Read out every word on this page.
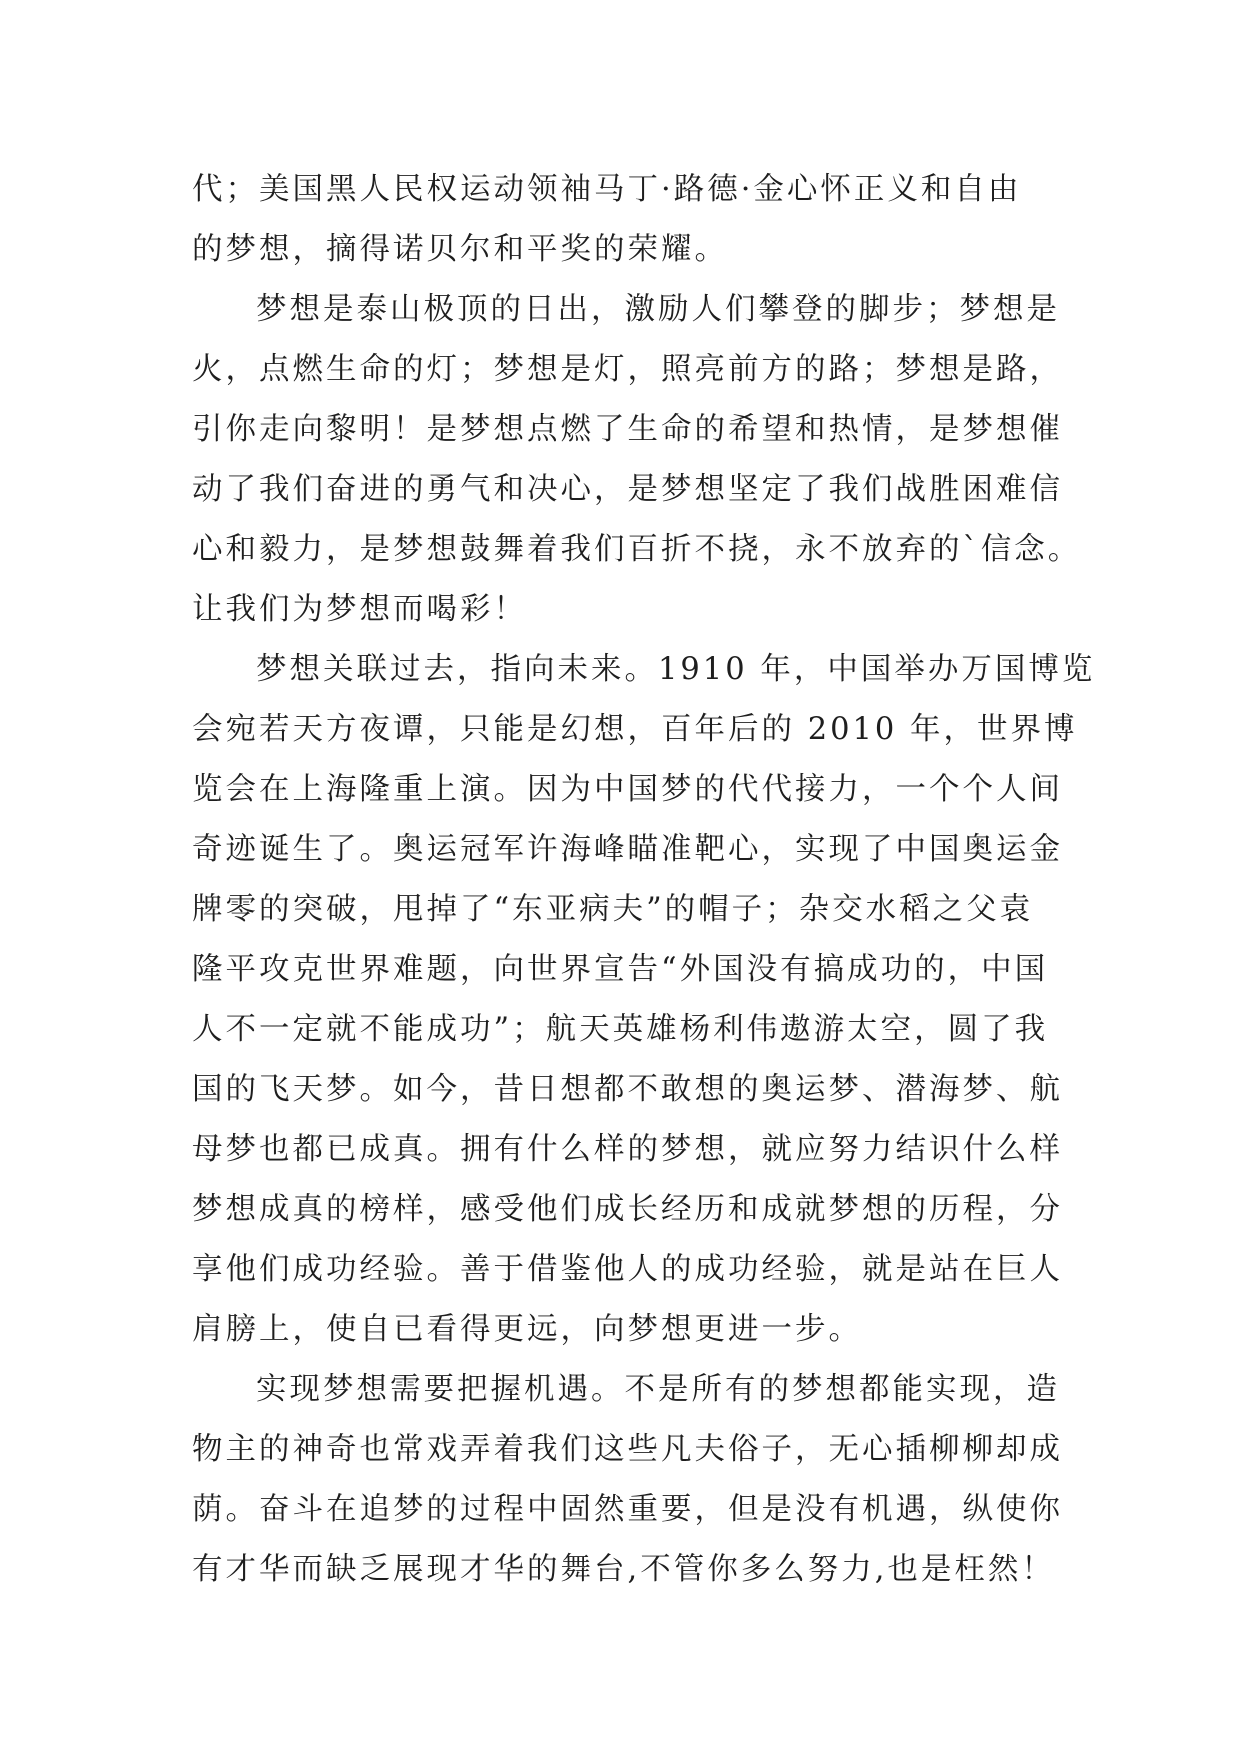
代；美国黑人民权运动领袖马丁·路德·金心怀正义和自由
的梦想，摘得诺贝尔和平奖的荣耀。
梦想是泰山极顶的日出，激励人们攀登的脚步；梦想是
火，点燃生命的灯；梦想是灯，照亮前方的路；梦想是路，
引你走向黎明！是梦想点燃了生命的希望和热情，是梦想催
动了我们奋进的勇气和决心，是梦想坚定了我们战胜困难信
心和毅力，是梦想鼓舞着我们百折不挠，永不放弃的`信念。
让我们为梦想而喝彩！
梦想关联过去，指向未来。1910 年，中国举办万国博览
会宛若天方夜谭，只能是幻想，百年后的 2010 年，世界博
览会在上海隆重上演。因为中国梦的代代接力，一个个人间
奇迹诞生了。奥运冠军许海峰瞄准靶心，实现了中国奥运金
牌零的突破，甩掉了“东亚病夫”的帽子；杂交水稻之父袁
隆平攻克世界难题，向世界宣告“外国没有搞成功的，中国
人不一定就不能成功”；航天英雄杨利伟遨游太空，圆了我
国的飞天梦。如今，昔日想都不敢想的奥运梦、潜海梦、航
母梦也都已成真。拥有什么样的梦想，就应努力结识什么样
梦想成真的榜样，感受他们成长经历和成就梦想的历程，分
享他们成功经验。善于借鉴他人的成功经验，就是站在巨人
肩膀上，使自已看得更远，向梦想更进一步。
实现梦想需要把握机遇。不是所有的梦想都能实现，造
物主的神奇也常戏弄着我们这些凡夫俗子，无心插柳柳却成
荫。奋斗在追梦的过程中固然重要，但是没有机遇，纵使你
有才华而缺乏展现才华的舞台,不管你多么努力,也是枉然！
